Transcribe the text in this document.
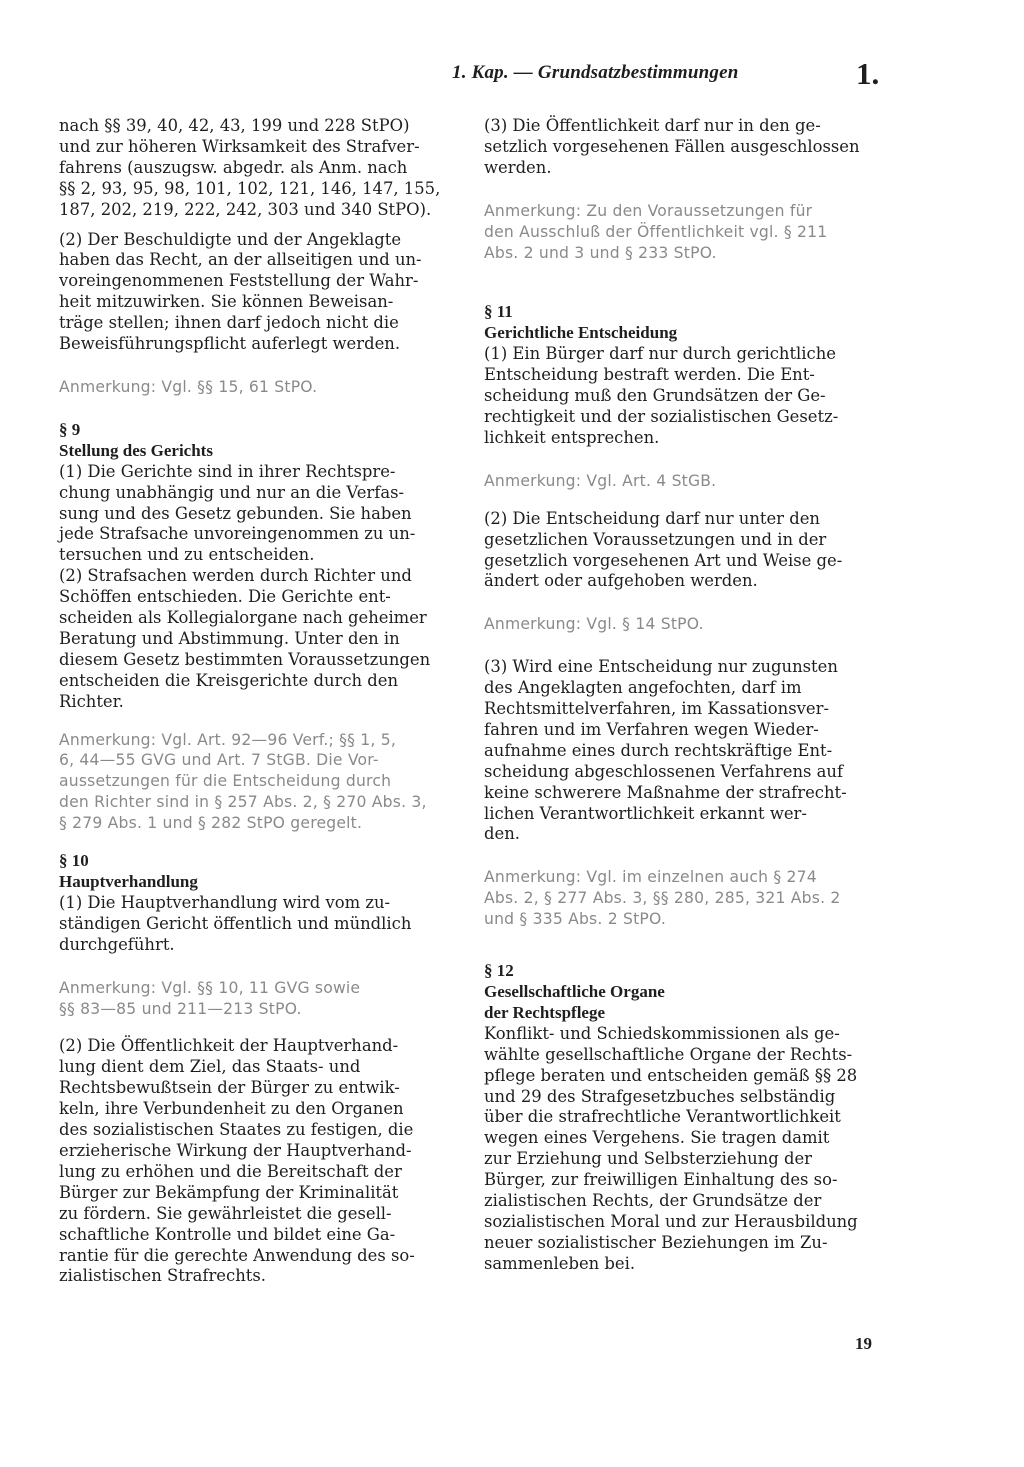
1. Kap. — Grundsatzbestimmungen	1.

nach §§ 39, 40, 42, 43, 199 und 228 StPO)
und zur höheren Wirksamkeit des Strafver-
fahrens (auszugsw. abgedr. als Anm. nach
§§ 2, 93, 95, 98, 101, 102, 121, 146, 147, 155,
187, 202, 219, 222, 242, 303 und 340 StPO).

(2) Der Beschuldigte und der Angeklagte
haben das Recht, an der allseitigen und un-
voreingenommenen Feststellung der Wahr-
heit mitzuwirken. Sie können Beweisan-
träge stellen; ihnen darf jedoch nicht die
Beweisführungspflicht auferlegt werden.

Anmerkung: Vgl. §§ 15, 61 StPO.

§ 9

Stellung des Gerichts

(1) Die Gerichte sind in ihrer Rechtspre-
chung unabhängig und nur an die Verfas-
sung und des Gesetz gebunden. Sie haben
jede Strafsache unvoreingenommen zu un-
tersuchen und zu entscheiden.

(2) Strafsachen werden durch Richter und
Schöffen entschieden. Die Gerichte ent-
scheiden als Kollegialorgane nach geheimer
Beratung und Abstimmung. Unter den in
diesem Gesetz bestimmten Voraussetzungen
entscheiden die Kreisgerichte durch den
Richter.

Anmerkung: Vgl. Art. 92—96 Verf.; §§ 1, 5,
6, 44—55 GVG und Art. 7 StGB. Die Vor-
aussetzungen für die Entscheidung durch
den Richter sind in § 257 Abs. 2, § 270 Abs. 3,
§ 279 Abs. 1 und § 282 StPO geregelt.

§ 10

Hauptverhandlung

(1) Die Hauptverhandlung wird vom zu-
ständigen Gericht öffentlich und mündlich
durchgeführt.

Anmerkung: Vgl. §§ 10, 11 GVG sowie
§§ 83—85 und 211—213 StPO.

(2) Die Öffentlichkeit der Hauptverhand-
lung dient dem Ziel, das Staats- und
Rechtsbewußtsein der Bürger zu entwik-
keln, ihre Verbundenheit zu den Organen
des sozialistischen Staates zu festigen, die
erzieherische Wirkung der Hauptverhand-
lung zu erhöhen und die Bereitschaft der
Bürger zur Bekämpfung der Kriminalität
zu fördern. Sie gewährleistet die gesell-
schaftliche Kontrolle und bildet eine Ga-
rantie für die gerechte Anwendung des so-
zialistischen Strafrechts.

(3) Die Öffentlichkeit darf nur in den ge-
setzlich vorgesehenen Fällen ausgeschlossen
werden.

Anmerkung: Zu den Voraussetzungen für
den Ausschluß der Öffentlichkeit vgl. § 211
Abs. 2 und 3 und § 233 StPO.

§ 11

Gerichtliche Entscheidung

(1) Ein Bürger darf nur durch gerichtliche
Entscheidung bestraft werden. Die Ent-
scheidung muß den Grundsätzen der Ge-
rechtigkeit und der sozialistischen Gesetz-
lichkeit entsprechen.

Anmerkung: Vgl. Art. 4 StGB.

(2) Die Entscheidung darf nur unter den
gesetzlichen Voraussetzungen und in der
gesetzlich vorgesehenen Art und Weise ge-
ändert oder aufgehoben werden.

Anmerkung: Vgl. § 14 StPO.

(3) Wird eine Entscheidung nur zugunsten
des Angeklagten angefochten, darf im
Rechtsmittelverfahren, im Kassationsver-
fahren und im Verfahren wegen Wieder-
aufnahme eines durch rechtskräftige Ent-
scheidung abgeschlossenen Verfahrens auf
keine schwerere Maßnahme der strafrecht-
lichen Verantwortlichkeit erkannt wer-
den.

Anmerkung: Vgl. im einzelnen auch § 274
Abs. 2, § 277 Abs. 3, §§ 280, 285, 321 Abs. 2
und § 335 Abs. 2 StPO.

§ 12

Gesellschaftliche Organe
der Rechtspflege

Konflikt- und Schiedskommissionen als ge-
wählte gesellschaftliche Organe der Rechts-
pflege beraten und entscheiden gemäß §§ 28
und 29 des Strafgesetzbuches selbständig
über die strafrechtliche Verantwortlichkeit
wegen eines Vergehens. Sie tragen damit
zur Erziehung und Selbsterziehung der
Bürger, zur freiwilligen Einhaltung des so-
zialistischen Rechts, der Grundsätze der
sozialistischen Moral und zur Herausbildung
neuer sozialistischer Beziehungen im Zu-
sammenleben bei.

19
